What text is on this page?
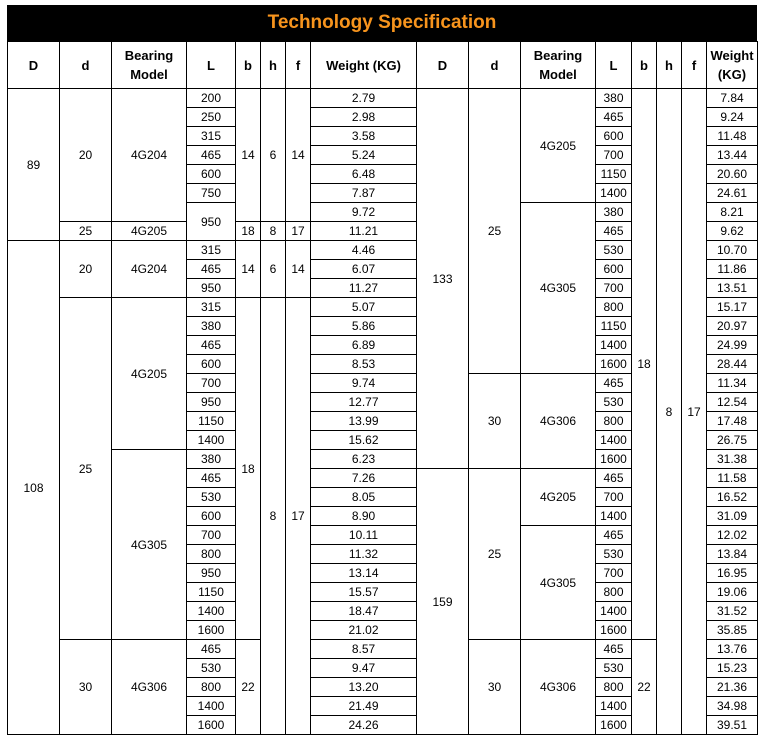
Technology Specification
D	d	Bearing Model	L	b	h	f	Weight (KG)	D	d	Bearing Model	L	b	h	f	Weight (KG)
89	20	4G204	200	14	6	14	2.79	133	25	4G205	380	18	8	17	7.84
			250				2.98				465				9.24
			315				3.58				600				11.48
			465				5.24				700				13.44
			600				6.48				1150				20.60
			750				7.87				1400				24.61
			950				9.72			4G305	380				8.21
	25	4G205		18	8	17	11.21				465				9.62
108	20	4G204	315	14	6	14	4.46				530				10.70
			465				6.07				600				11.86
			950				11.27				700				13.51
	25	4G205	315	18	8	17	5.07				800				15.17
			380				5.86				1150				20.97
			465				6.89				1400				24.99
			600				8.53				1600				28.44
			700				9.74		30	4G306	465				11.34
			950				12.77				530				12.54
			1150				13.99				800				17.48
			1400				15.62				1400				26.75
		4G305	380				6.23				1600				31.38
			465				7.26	159	25	4G205	465				11.58
			530				8.05				700				16.52
			600				8.90				1400				31.09
			700				10.11			4G305	465				12.02
			800				11.32				530				13.84
			950				13.14				700				16.95
			1150				15.57				800				19.06
			1400				18.47				1400				31.52
			1600				21.02				1600				35.85
	30	4G306	465	22			8.57		30	4G306	465	22			13.76
			530				9.47				530				15.23
			800				13.20				800				21.36
			1400				21.49				1400				34.98
			1600				24.26				1600				39.51
